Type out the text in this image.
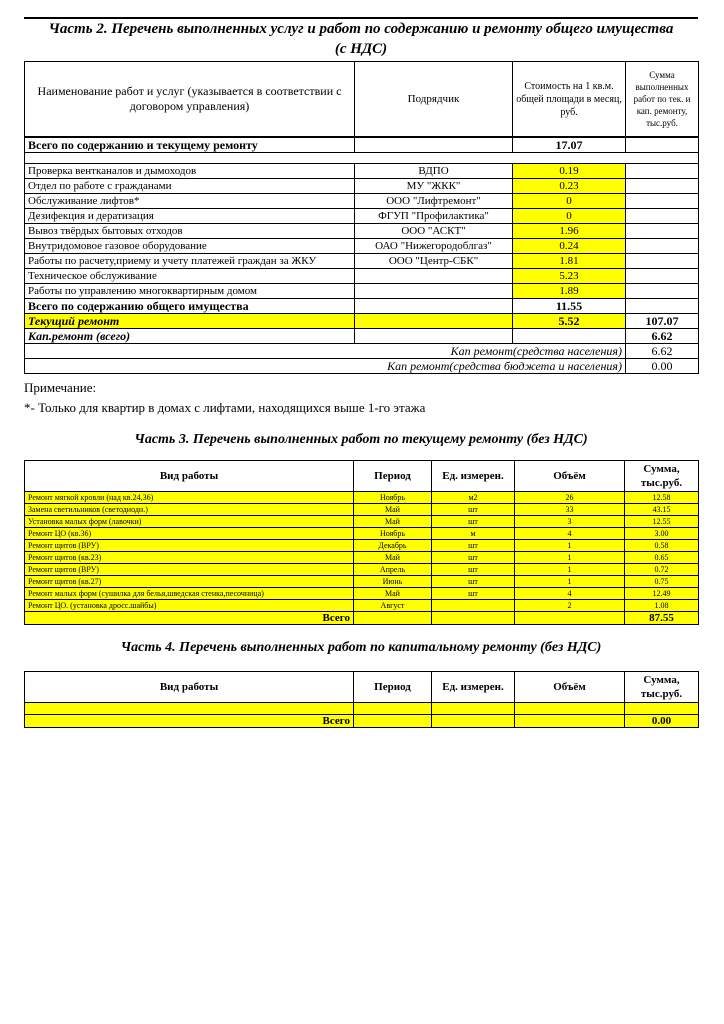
Часть 2. Перечень выполненных услуг и работ по содержанию и ремонту общего имущества
(с НДС)
Наименование работ и услуг (указывается в соответствии с договором управления)	Подрядчик	Стоимость на 1 кв.м. общей площади в месяц, руб.	Сумма выполненных работ по тек. и кап. ремонту, тыс.руб.
Всего по содержанию и текущему ремонту		17.07	

Проверка вентканалов и дымоходов	ВДПО	0.19	
Отдел по работе с гражданами	МУ "ЖКК"	0.23	
Обслуживание лифтов*	ООО "Лифтремонт"	0	
Дезифекция и дератизация	ФГУП "Профилактика"	0	
Вывоз твёрдых бытовых отходов	ООО "АСКТ"	1.96	
Внутридомовое газовое оборудование	ОАО "Нижегородоблгаз"	0.24	
Работы по расчету,приему и учету платежей граждан за ЖКУ	ООО "Центр-СБК"	1.81	
Техническое обслуживание		5.23	
Работы по управлению многоквартирным домом		1.89	
Всего по содержанию общего имущества		11.55	
Текущий ремонт		5.52	107.07
Кап.ремонт (всего)			6.62
Кап ремонт(средства населения)			6.62
Кап ремонт(средства бюджета и населения)			0.00
Примечание:
*- Только для квартир в домах с лифтами, находящихся выше 1-го этажа
Часть 3. Перечень выполненных работ по текущему ремонту (без НДС)
Вид работы	Период	Ед. измерен.	Объём	Сумма, тыс.руб.
Ремонт мягкой кровли (над кв.24,36)	Ноябрь	м2	26	12.58
Замена светильников (светодиодн.)	Май	шт	33	43.15
Установка малых форм (лавочки)	Май	шт	3	12.55
Ремонт ЦО (кв.36)	Ноябрь	м	4	3.00
Ремонт щитов (ВРУ)	Декабрь	шт	1	0.58
Ремонт щитов (кв.23)	Май	шт	1	0.65
Ремонт щитов (ВРУ)	Апрель	шт	1	0.72
Ремонт щитов (кв.27)	Июнь	шт	1	0.75
Ремонт малых форм (сушилка для белья,шведская стенка,песочница)	Май	шт	4	12.49
Ремонт ЦО. (установка дросс.шайбы)	Август		2	1.08
Всего				87.55
Часть 4. Перечень выполненных работ по капитальному ремонту (без НДС)
Вид работы	Период	Ед. измерен.	Объём	Сумма, тыс.руб.

Всего				0.00
